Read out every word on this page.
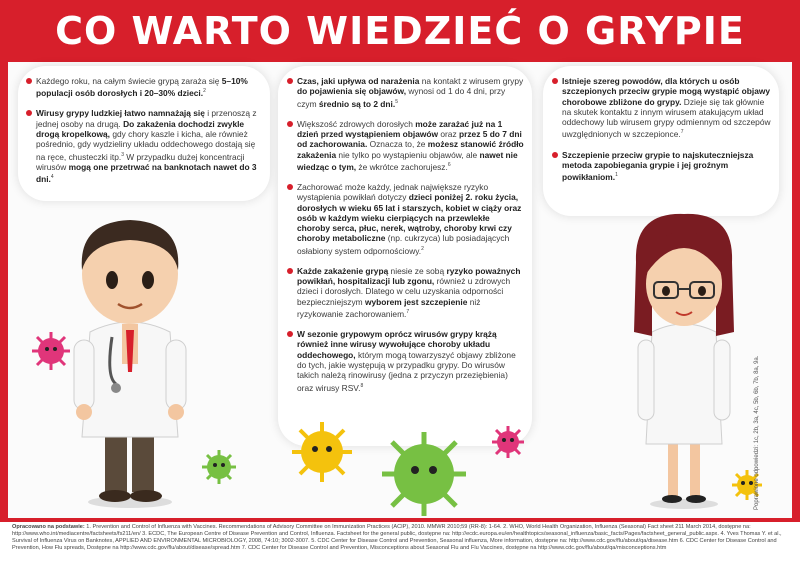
CO WARTO WIEDZIEĆ O GRYPIE
Każdego roku, na całym świecie grypą zaraża się 5–10% populacji osób dorosłych i 20–30% dzieci.$^2$
Wirusy grypy ludzkiej łatwo namnażają się i przenoszą z jednej osoby na drugą. Do zakażenia dochodzi zwykle drogą kropelkową, gdy chory kaszle i kicha, ale również pośrednio, gdy wydzieliny układu oddechowego dostają się na ręce, chusteczki itp.$^3$ W przypadku dużej koncentracji wirusów mogą one przetrwać na banknotach nawet do 3 dni.$^4$
Czas, jaki upływa od narażenia na kontakt z wirusem grypy do pojawienia się objawów, wynosi od 1 do 4 dni, przy czym średnio są to 2 dni.$^5$
Większość zdrowych dorosłych może zarażać już na 1 dzień przed wystąpieniem objawów oraz przez 5 do 7 dni od zachorowania. Oznacza to, że możesz stanowić źródło zakażenia nie tylko po wystąpieniu objawów, ale nawet nie wiedząc o tym, że wkrótce zachorujesz.$^6$
Zachorować może każdy, jednak największe ryzyko wystąpienia powikłań dotyczy dzieci poniżej 2. roku życia, dorosłych w wieku 65 lat i starszych, kobiet w ciąży oraz osób w każdym wieku cierpiących na przewlekłe choroby serca, płuc, nerek, wątroby, choroby krwi czy choroby metaboliczne (np. cukrzyca) lub posiadających osłabiony system odpornościowy.$^2$
Każde zakażenie grypą niesie ze sobą ryzyko poważnych powikłań, hospitalizacji lub zgonu, również u zdrowych dzieci i dorosłych. Dlatego w celu uzyskania odporności bezpieczniejszym wyborem jest szczepienie niż ryzykowanie zachorowaniem.$^7$
W sezonie grypowym oprócz wirusów grypy krążą również inne wirusy wywołujące choroby układu oddechowego, którym mogą towarzyszyć objawy zbliżone do tych, jakie występują w przypadku grypy. Do wirusów takich należą rinowirusy (jedna z przyczyn przeziębienia) oraz wirusy RSV.$^8$
Istnieje szereg powodów, dla których u osób szczepionych przeciw grypie mogą wystąpić objawy chorobowe zbliżone do grypy. Dzieje się tak głównie na skutek kontaktu z innym wirusem atakującym układ oddechowy lub wirusem grypy odmiennym od szczepów uwzględnionych w szczepionce.$^7$
Szczepienie przeciw grypie to najskuteczniejsza metoda zapobiegania grypie i jej groźnym powikłaniom.$^1$
Poprawione odpowiedzi: 1c, 2b, 3a, 4c, 5b, 6b, 7b, 8a, 9a.
Opracowano na podstawie: 1. Prevention and Control of Influenza with Vaccines. Recommendations of Advisory Committee on Immunization Practices (ACIP), 2010. MMWR 2010;59 (RR-8): 1-64. 2. WHO, World Health Organization, Influenza (Seasonal) Fact sheet 211 March 2014, dostępne na: http://www.who.int/mediacentre/factsheets/fs211/en/ 3. ECDC, The European Centre of Disease Prevention and Control, Influenza. Factsheet for the general public, dostępne na: http://ecdc.europa.eu/en/healthtopics/seasonal_influenza/basic_facts/Pages/factsheet_general_public.aspx. 4. Yves Thomas Y. et al., Survival of Influenza Virus on Banknotes, APPLIED AND ENVIRONMENTAL MICROBIOLOGY, 2008, 74:10; 3002-3007. 5. CDC Center for Disease Control and Prevention, Seasonal influenza, More information, dostępne na: http://www.cdc.gov/flu/about/qa/disease.htm 6. CDC Center for Disease Control and Prevention, How Flu spreads, Dostępne na http://www.cdc.gov/flu/about/disease/spread.htm 7. CDC Center for Disease Control and Prevention, Misconceptions about Seasonal Flu and Flu Vaccines, dostępne na http://www.cdc.gov/flu/about/qa/misconceptions.htm
